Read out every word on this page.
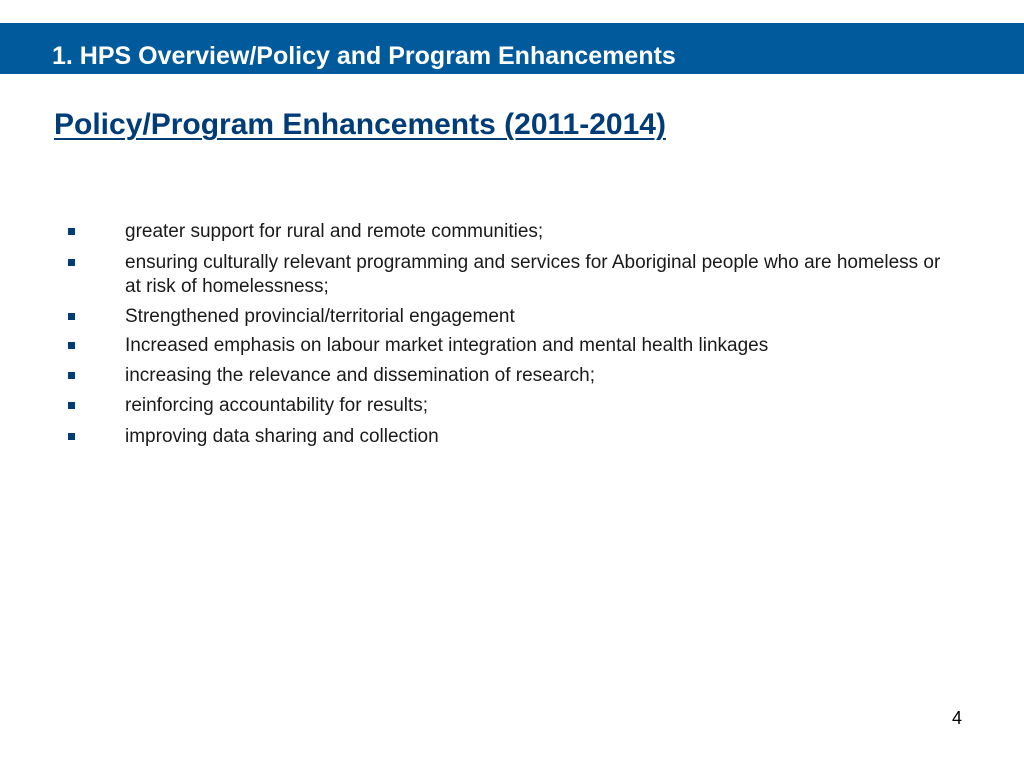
1. HPS Overview/Policy and Program Enhancements
Policy/Program Enhancements (2011-2014)
greater support for rural and remote communities;
ensuring culturally relevant programming and services for Aboriginal people who are homeless or at risk of homelessness;
Strengthened provincial/territorial engagement
Increased emphasis on labour market integration and mental health linkages
increasing the relevance and dissemination of research;
reinforcing accountability for results;
improving data sharing and collection
4
